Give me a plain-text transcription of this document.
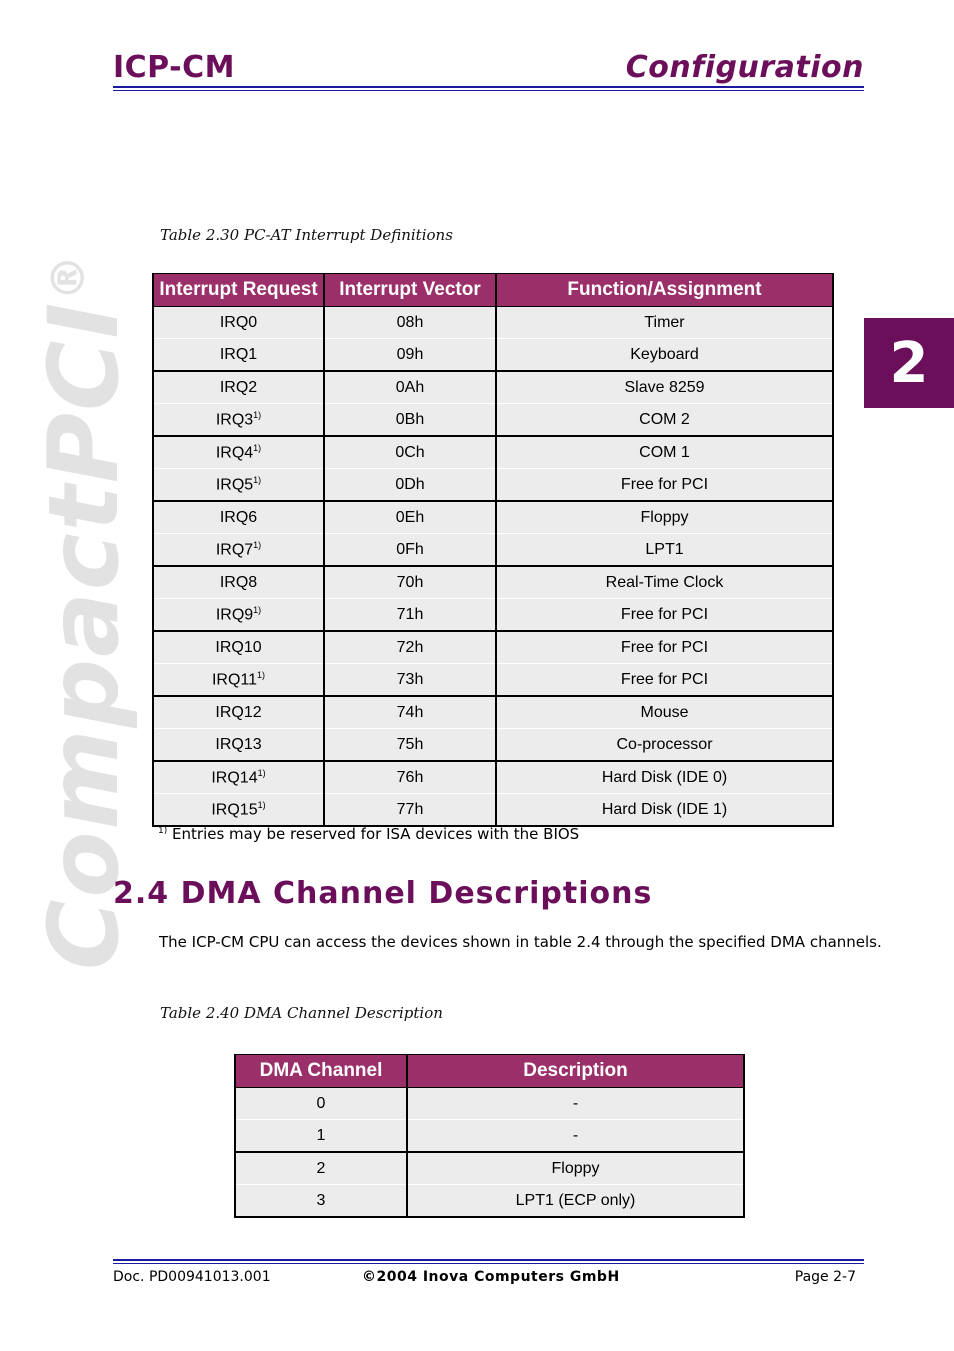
ICP-CM	Configuration
2
CompactPCI®
Table 2.30 PC-AT Interrupt Definitions
Interrupt Request	Interrupt Vector	Function/Assignment
IRQ0	08h	Timer
IRQ1	09h	Keyboard
IRQ2	0Ah	Slave 8259
IRQ3$^{1)}$	0Bh	COM 2
IRQ4$^{1)}$	0Ch	COM 1
IRQ5$^{1)}$	0Dh	Free for PCI
IRQ6	0Eh	Floppy
IRQ7$^{1)}$	0Fh	LPT1
IRQ8	70h	Real-Time Clock
IRQ9$^{1)}$	71h	Free for PCI
IRQ10	72h	Free for PCI
IRQ11$^{1)}$	73h	Free for PCI
IRQ12	74h	Mouse
IRQ13	75h	Co-processor
IRQ14$^{1)}$	76h	Hard Disk (IDE 0)
IRQ15$^{1)}$	77h	Hard Disk (IDE 1)
$^{1)}$ Entries may be reserved for ISA devices with the BIOS
2.4 DMA Channel Descriptions
The ICP-CM CPU can access the devices shown in table 2.4 through the specified DMA channels.
Table 2.40 DMA Channel Description
DMA Channel	Description
0	-
1	-
2	Floppy
3	LPT1 (ECP only)
Doc. PD00941013.001	©2004 Inova Computers GmbH	Page 2-7
